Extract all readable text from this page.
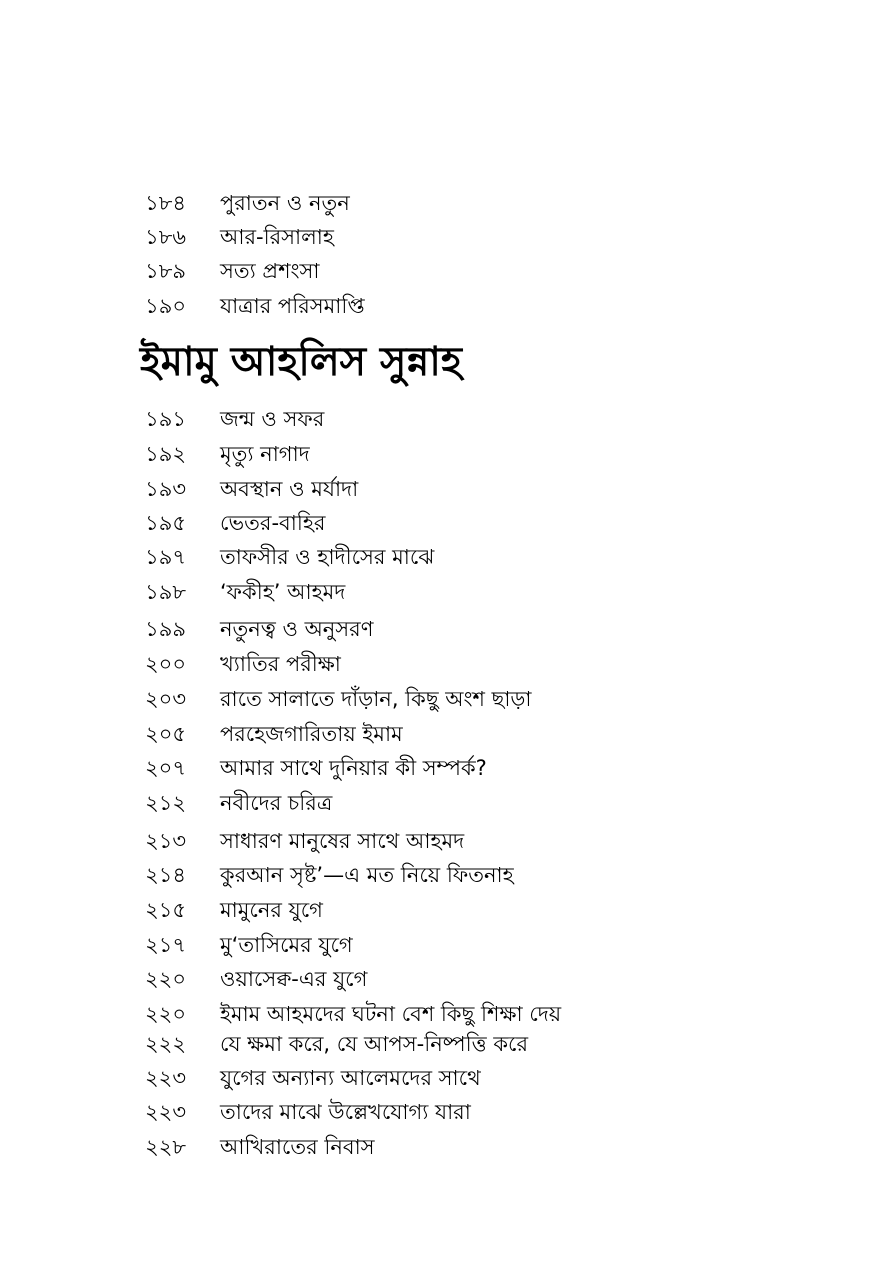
১৮৪ পুরাতন ও নতুন
১৮৬ আর-রিসালাহ
১৮৯ সত্য প্রশংসা
১৯০ যাত্রার পরিসমাপ্তি
ইমামু আহলিস সুন্নাহ
১৯১ জন্ম ও সফর
১৯২ মৃত্যু নাগাদ
১৯৩ অবস্থান ও মর্যাদা
১৯৫ ভেতর-বাহির
১৯৭ তাফসীর ও হাদীসের মাঝে
১৯৮ ‘ফকীহ’ আহমদ
১৯৯ নতুনত্ব ও অনুসরণ
২০০ খ্যাতির পরীক্ষা
২০৩ রাতে সালাতে দাঁড়ান, কিছু অংশ ছাড়া
২০৫ পরহেজগারিতায় ইমাম
২০৭ আমার সাথে দুনিয়ার কী সম্পর্ক?
২১২ নবীদের চরিত্র
২১৩ সাধারণ মানুষের সাথে আহমদ
২১৪ কুরআন সৃষ্ট’—এ মত নিয়ে ফিতনাহ
২১৫ মামুনের যুগে
২১৭ মু‘তাসিমের যুগে
২২০ ওয়াসেক্ব-এর যুগে
২২০ ইমাম আহমদের ঘটনা বেশ কিছু শিক্ষা দেয়
২২২ যে ক্ষমা করে, যে আপস-নিষ্পত্তি করে
২২৩ যুগের অন্যান্য আলেমদের সাথে
২২৩ তাদের মাঝে উল্লেখযোগ্য যারা
২২৮ আখিরাতের নিবাস
